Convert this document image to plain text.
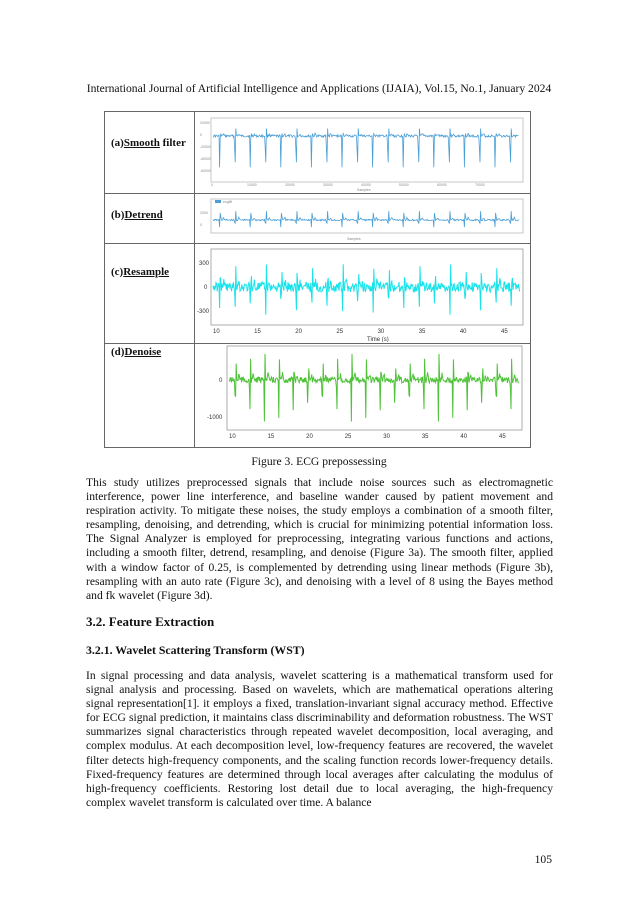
International Journal of Artificial Intelligence and Applications (IJAIA), Vol.15, No.1, January 2024
(a)Smooth filter
20000
0
-20000
-40000
-60000
0	10000	20000	30000	40000	50000	60000	70000
Samples
(b)Detrend
ecgfilt
2000
0
Samples
(c)Resample
300
0
-300
10	15	20	25	30	35	40	45
Time (s)
(d)Denoise
0
-1000
10	15	20	25	30	35	40	45
Figure 3. ECG prepossessing

This study utilizes preprocessed signals that include noise sources such as electromagnetic interference, power line interference, and baseline wander caused by patient movement and respiration activity. To mitigate these noises, the study employs a combination of a smooth filter, resampling, denoising, and detrending, which is crucial for minimizing potential information loss. The Signal Analyzer is employed for preprocessing, integrating various functions and actions, including a smooth filter, detrend, resampling, and denoise (Figure 3a). The smooth filter, applied with a window factor of 0.25, is complemented by detrending using linear methods (Figure 3b), resampling with an auto rate (Figure 3c), and denoising with a level of 8 using the Bayes method and fk wavelet (Figure 3d).

3.2. Feature Extraction
3.2.1. Wavelet Scattering Transform (WST)

In signal processing and data analysis, wavelet scattering is a mathematical transform used for signal analysis and processing. Based on wavelets, which are mathematical operations altering signal representation[1]. it employs a fixed, translation-invariant signal accuracy method. Effective for ECG signal prediction, it maintains class discriminability and deformation robustness. The WST summarizes signal characteristics through repeated wavelet decomposition, local averaging, and complex modulus. At each decomposition level, low-frequency features are recovered, the wavelet filter detects high-frequency components, and the scaling function records lower-frequency details. Fixed-frequency features are determined through local averages after calculating the modulus of high-frequency coefficients. Restoring lost detail due to local averaging, the high-frequency complex wavelet transform is calculated over time. A balance

105
